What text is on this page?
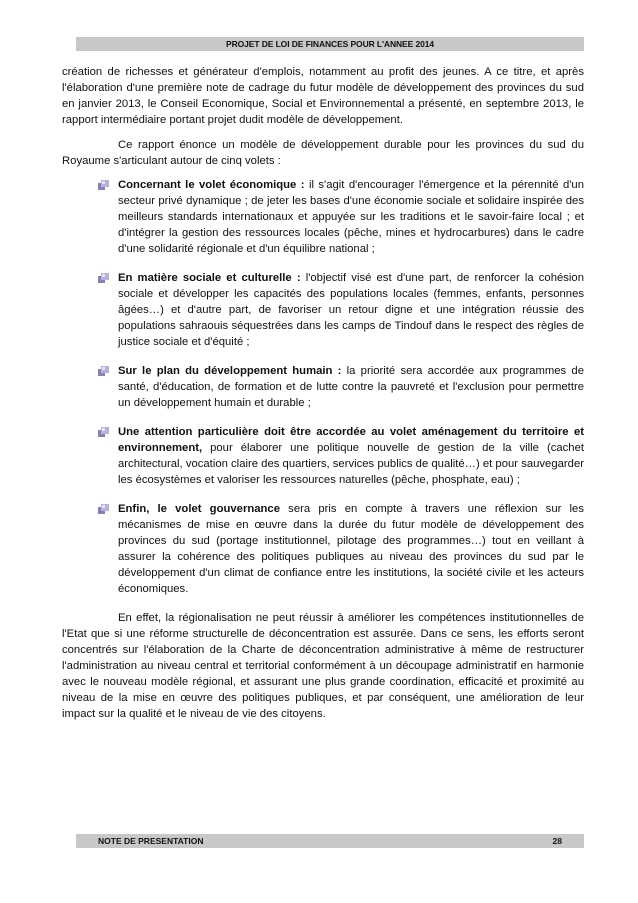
PROJET DE LOI DE FINANCES POUR L'ANNEE 2014

création de richesses et générateur d'emplois, notamment au profit des jeunes. A ce titre, et après l'élaboration d'une première note de cadrage du futur modèle de développement des provinces du sud en janvier 2013, le Conseil Economique, Social et Environnemental a présenté, en septembre 2013, le rapport intermédiaire portant projet dudit modèle de développement.

Ce rapport énonce un modèle de développement durable pour les provinces du sud du Royaume s'articulant autour de cinq volets :

Concernant le volet économique : il s'agit d'encourager l'émergence et la pérennité d'un secteur privé dynamique ; de jeter les bases d'une économie sociale et solidaire inspirée des meilleurs standards internationaux et appuyée sur les traditions et le savoir-faire local ; et d'intégrer la gestion des ressources locales (pêche, mines et hydrocarbures) dans le cadre d'une solidarité régionale et d'un équilibre national ;
En matière sociale et culturelle : l'objectif visé est d'une part, de renforcer la cohésion sociale et développer les capacités des populations locales (femmes, enfants, personnes âgées…) et d'autre part, de favoriser un retour digne et une intégration réussie des populations sahraouis séquestrées dans les camps de Tindouf dans le respect des règles de justice sociale et d'équité ;
Sur le plan du développement humain : la priorité sera accordée aux programmes de santé, d'éducation, de formation et de lutte contre la pauvreté et l'exclusion pour permettre un développement humain et durable ;
Une attention particulière doit être accordée au volet aménagement du territoire et environnement, pour élaborer une politique nouvelle de gestion de la ville (cachet architectural, vocation claire des quartiers, services publics de qualité…) et pour sauvegarder les écosystèmes et valoriser les ressources naturelles (pêche, phosphate, eau) ;
Enfin, le volet gouvernance sera pris en compte à travers une réflexion sur les mécanismes de mise en œuvre dans la durée du futur modèle de développement des provinces du sud (portage institutionnel, pilotage des programmes…) tout en veillant à assurer la cohérence des politiques publiques au niveau des provinces du sud par le développement d'un climat de confiance entre les institutions, la société civile et les acteurs économiques.

En effet, la régionalisation ne peut réussir à améliorer les compétences institutionnelles de l'Etat que si une réforme structurelle de déconcentration est assurée. Dans ce sens, les efforts seront concentrés sur l'élaboration de la Charte de déconcentration administrative à même de restructurer l'administration au niveau central et territorial conformément à un découpage administratif en harmonie avec le nouveau modèle régional, et assurant une plus grande coordination, efficacité et proximité au niveau de la mise en œuvre des politiques publiques, et par conséquent, une amélioration de leur impact sur la qualité et le niveau de vie des citoyens.

NOTE DE PRESENTATION	28
